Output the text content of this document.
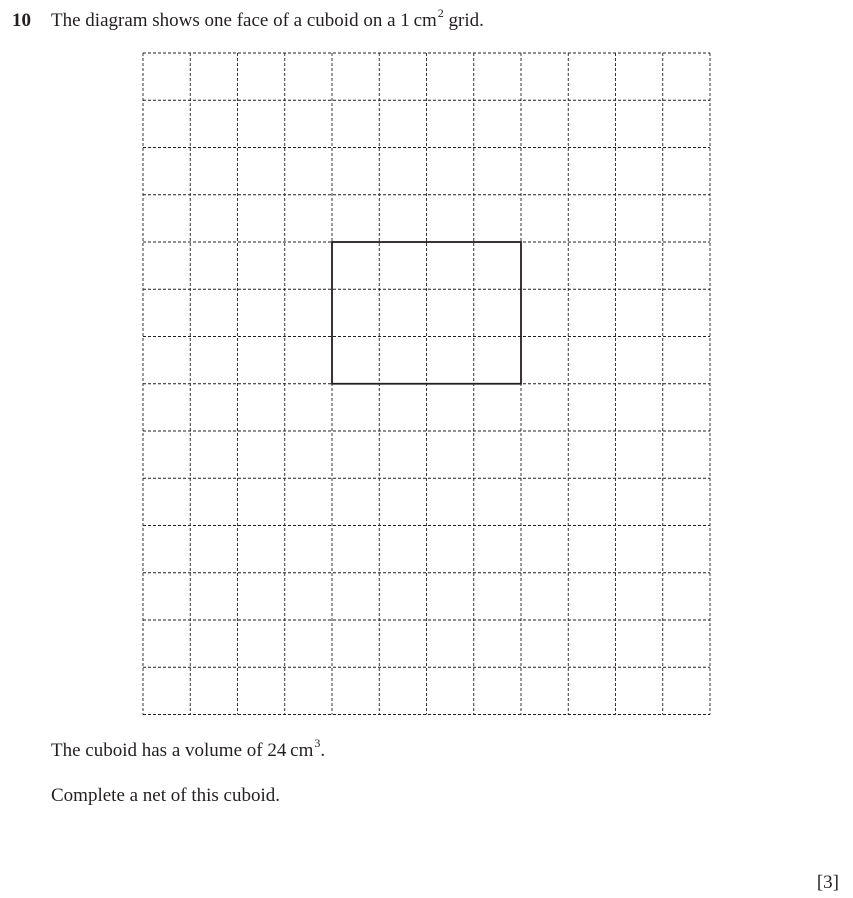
10 The diagram shows one face of a cuboid on a 1 $cm^2$ grid.
The cuboid has a volume of 24 $cm^3$.
Complete a net of this cuboid.
[3]
